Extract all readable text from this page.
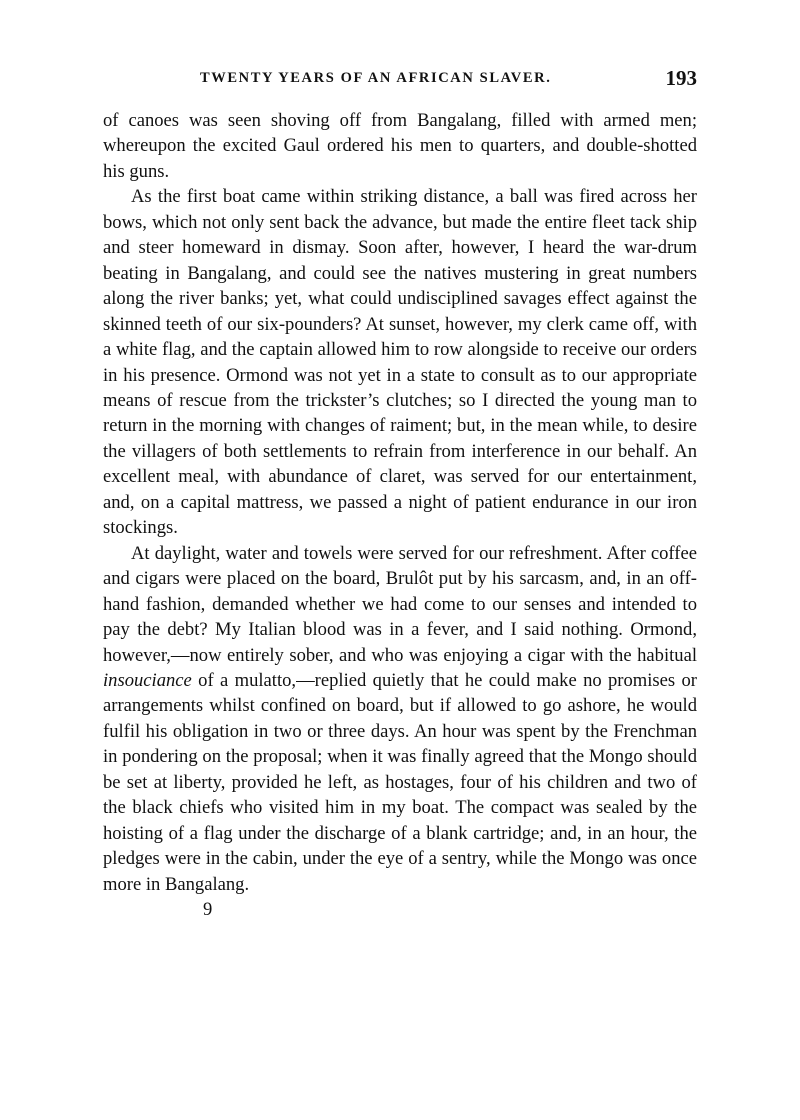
TWENTY YEARS OF AN AFRICAN SLAVER.	193

of canoes was seen shoving off from Bangalang, filled with armed men; whereupon the excited Gaul ordered his men to quarters, and double-shotted his guns.

As the first boat came within striking distance, a ball was fired across her bows, which not only sent back the advance, but made the entire fleet tack ship and steer homeward in dismay. Soon after, however, I heard the war-drum beating in Bangalang, and could see the natives mustering in great numbers along the river banks; yet, what could undisciplined savages effect against the skinned teeth of our six-pounders? At sunset, however, my clerk came off, with a white flag, and the captain allowed him to row alongside to receive our orders in his presence. Ormond was not yet in a state to consult as to our appropriate means of rescue from the trickster’s clutches; so I directed the young man to return in the morning with changes of raiment; but, in the mean while, to desire the villagers of both settlements to refrain from interference in our behalf. An excellent meal, with abundance of claret, was served for our entertainment, and, on a capital mattress, we passed a night of patient endurance in our iron stockings.

At daylight, water and towels were served for our refreshment. After coffee and cigars were placed on the board, Brulôt put by his sarcasm, and, in an off-hand fashion, demanded whether we had come to our senses and intended to pay the debt? My Italian blood was in a fever, and I said nothing. Ormond, however,—now entirely sober, and who was enjoying a cigar with the habitual insouciance of a mulatto,—replied quietly that he could make no promises or arrangements whilst confined on board, but if allowed to go ashore, he would fulfil his obligation in two or three days. An hour was spent by the Frenchman in pondering on the proposal; when it was finally agreed that the Mongo should be set at liberty, provided he left, as hostages, four of his children and two of the black chiefs who visited him in my boat. The compact was sealed by the hoisting of a flag under the discharge of a blank cartridge; and, in an hour, the pledges were in the cabin, under the eye of a sentry, while the Mongo was once more in Bangalang.

9
